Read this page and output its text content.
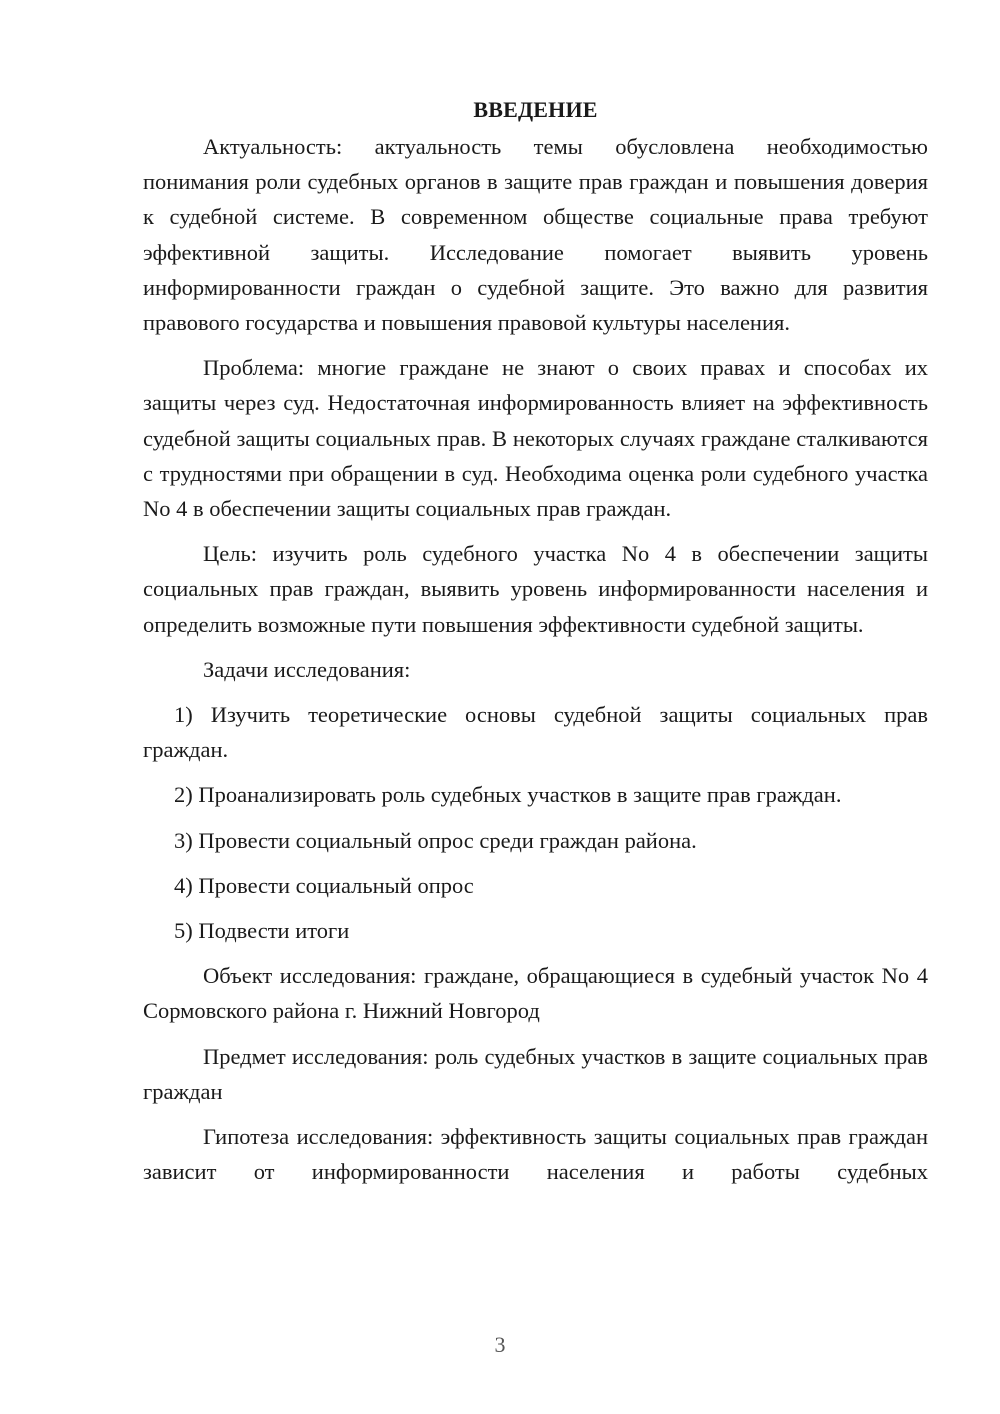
ВВЕДЕНИЕ

Актуальность: актуальность темы обусловлена необходимостью понимания роли судебных органов в защите прав граждан и повышения доверия к судебной системе. В современном обществе социальные права требуют эффективной защиты. Исследование помогает выявить уровень информированности граждан о судебной защите. Это важно для развития правового государства и повышения правовой культуры населения.

Проблема: многие граждане не знают о своих правах и способах их защиты через суд. Недостаточная информированность влияет на эффективность судебной защиты социальных прав. В некоторых случаях граждане сталкиваются с трудностями при обращении в суд. Необходима оценка роли судебного участка No 4 в обеспечении защиты социальных прав граждан.

Цель: изучить роль судебного участка No 4 в обеспечении защиты социальных прав граждан, выявить уровень информированности населения и определить возможные пути повышения эффективности судебной защиты.

Задачи исследования:

1) Изучить теоретические основы судебной защиты социальных прав граждан.

2) Проанализировать роль судебных участков в защите прав граждан.

3) Провести социальный опрос среди граждан района.

4) Провести социальный опрос

5) Подвести итоги

Объект исследования: граждане, обращающиеся в судебный участок No 4 Сормовского района г. Нижний Новгород

Предмет исследования: роль судебных участков в защите социальных прав граждан

Гипотеза исследования: эффективность защиты социальных прав граждан зависит от информированности населения и работы судебных

3
